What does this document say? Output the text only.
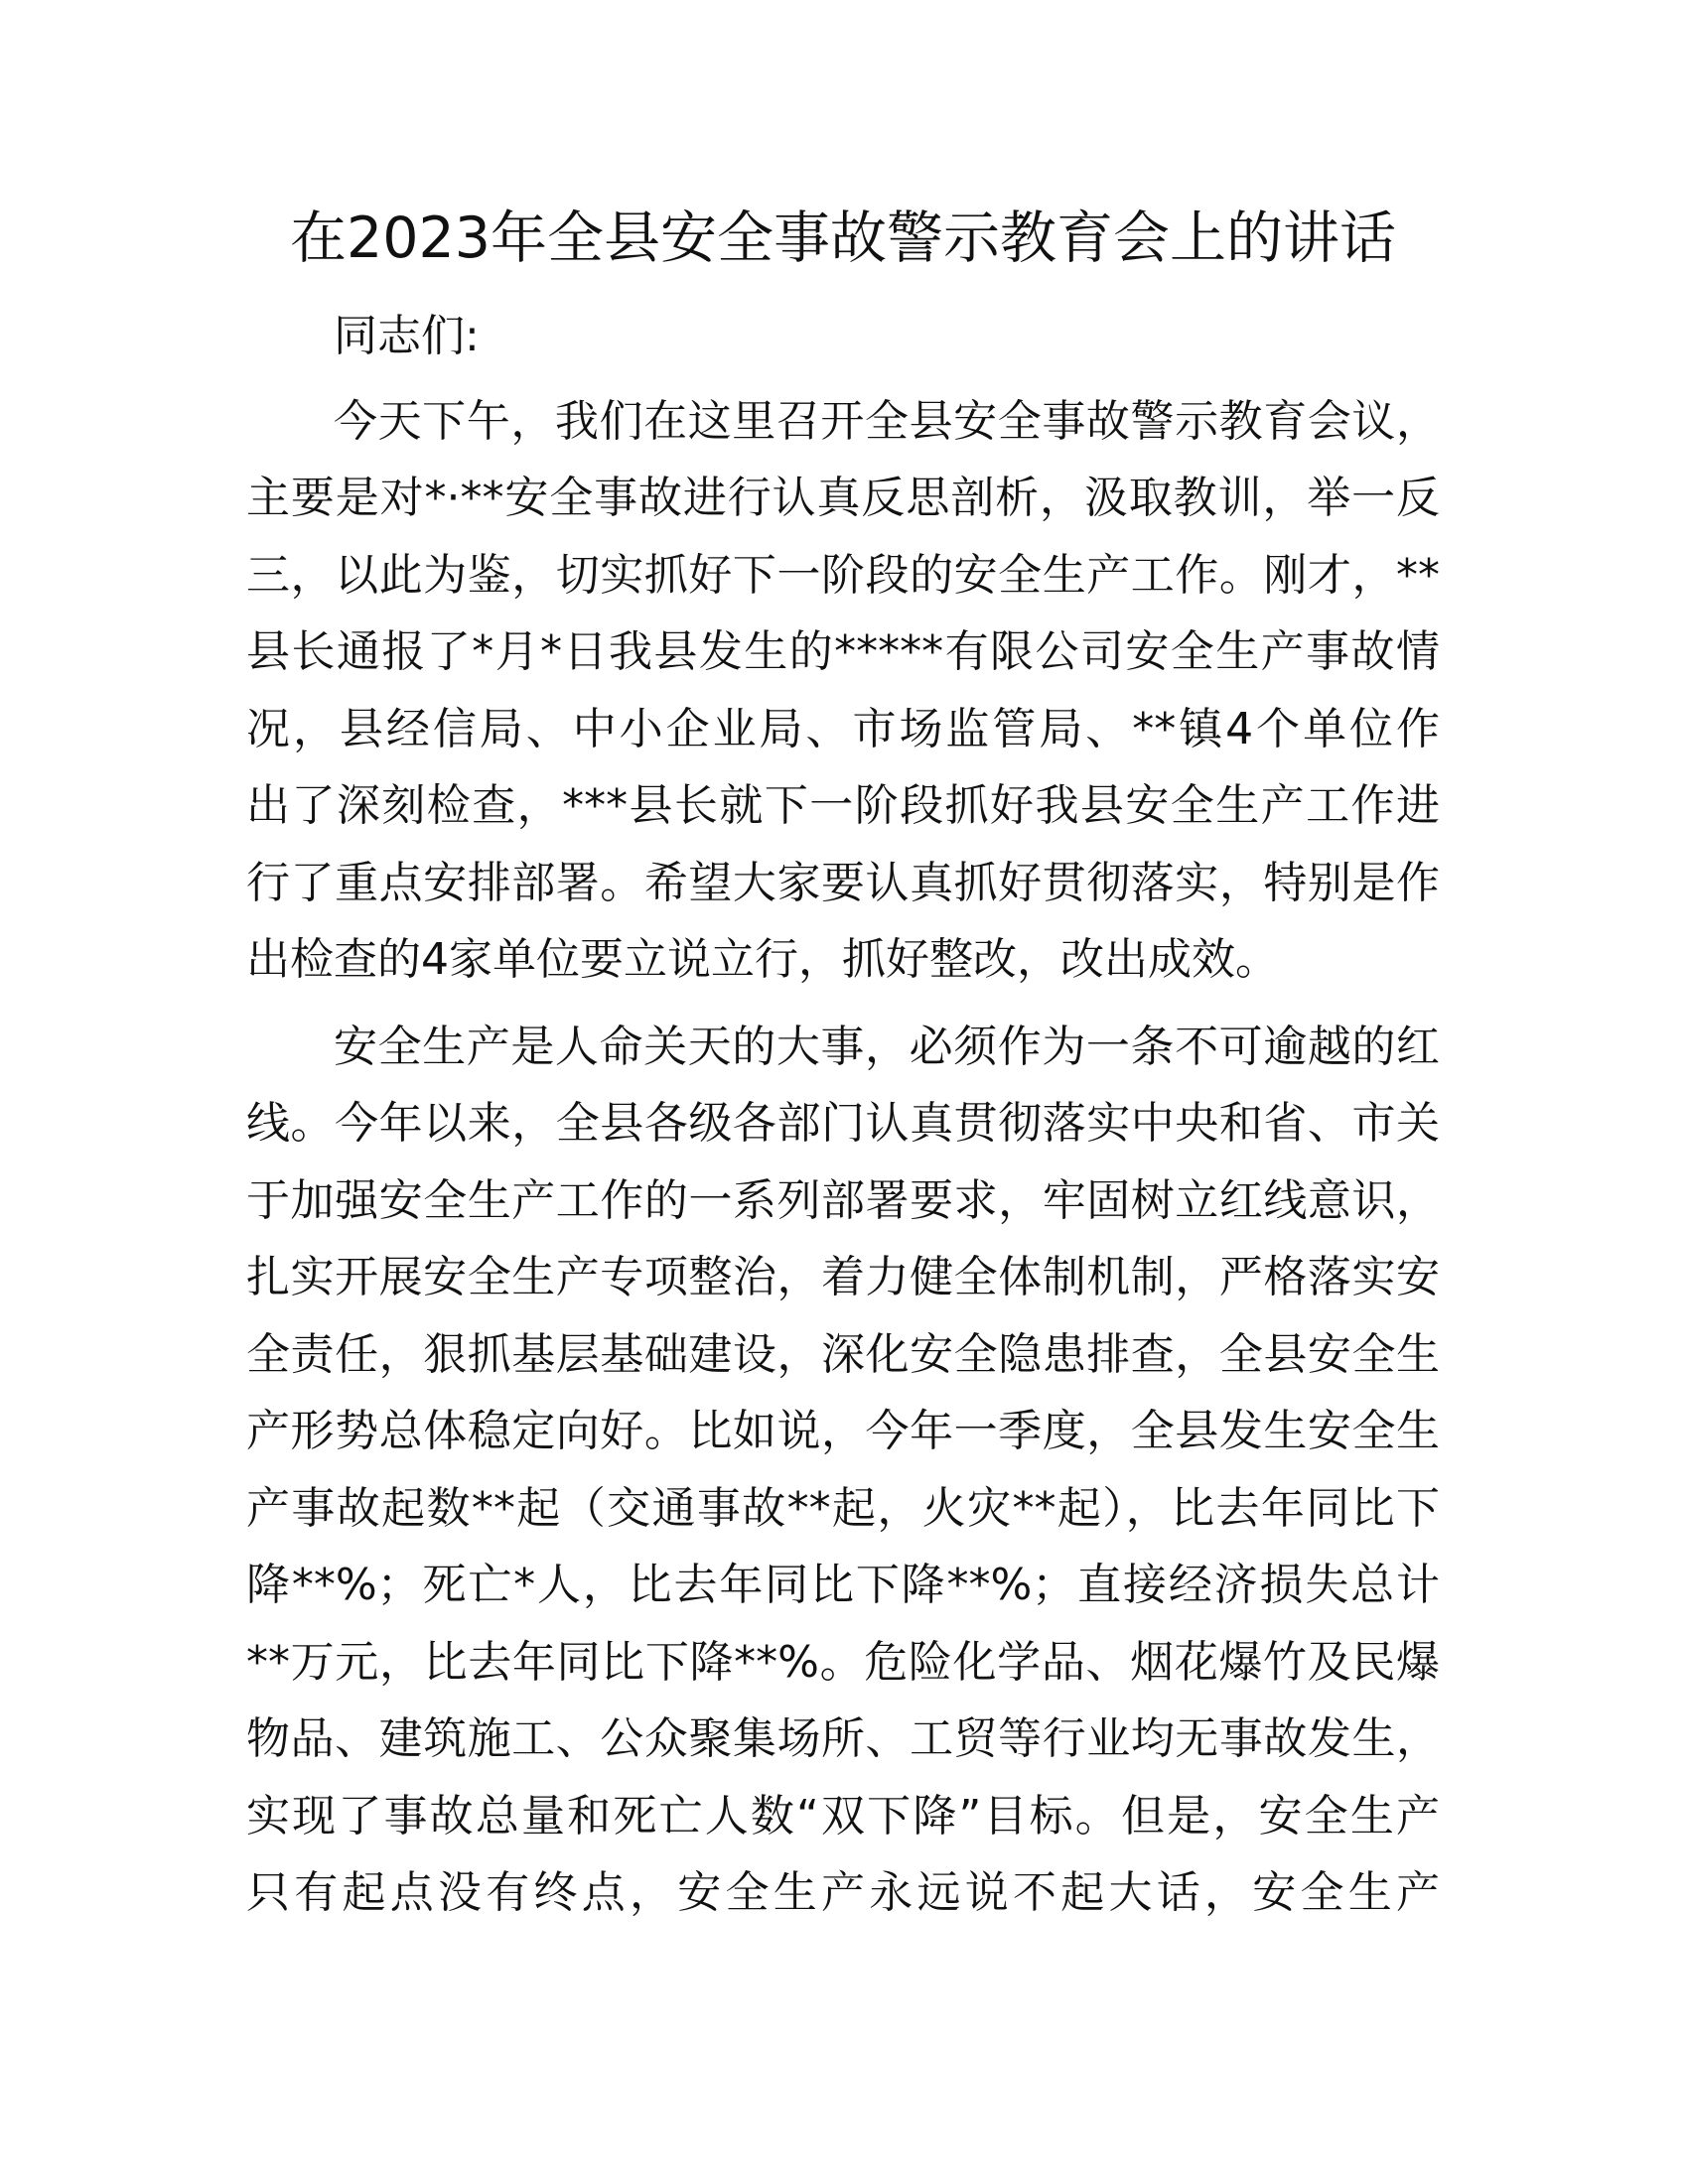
在2023年全县安全事故警示教育会上的讲话
同志们:
今天下午，我们在这里召开全县安全事故警示教育会议，
主要是对*·**安全事故进行认真反思剖析，汲取教训，举一反
三，以此为鉴，切实抓好下一阶段的安全生产工作。刚才，**
县长通报了*月*日我县发生的*****有限公司安全生产事故情
况，县经信局、中小企业局、市场监管局、**镇4个单位作
出了深刻检查，***县长就下一阶段抓好我县安全生产工作进
行了重点安排部署。希望大家要认真抓好贯彻落实，特别是作
出检查的4家单位要立说立行，抓好整改，改出成效。
安全生产是人命关天的大事，必须作为一条不可逾越的红
线。今年以来，全县各级各部门认真贯彻落实中央和省、市关
于加强安全生产工作的一系列部署要求，牢固树立红线意识，
扎实开展安全生产专项整治，着力健全体制机制，严格落实安
全责任，狠抓基层基础建设，深化安全隐患排查，全县安全生
产形势总体稳定向好。比如说，今年一季度，全县发生安全生
产事故起数**起（交通事故**起，火灾**起），比去年同比下
降**%；死亡*人，比去年同比下降**%；直接经济损失总计
**万元，比去年同比下降**%。危险化学品、烟花爆竹及民爆
物品、建筑施工、公众聚集场所、工贸等行业均无事故发生，
实现了事故总量和死亡人数“双下降”目标。但是，安全生产
只有起点没有终点，安全生产永远说不起大话，安全生产
